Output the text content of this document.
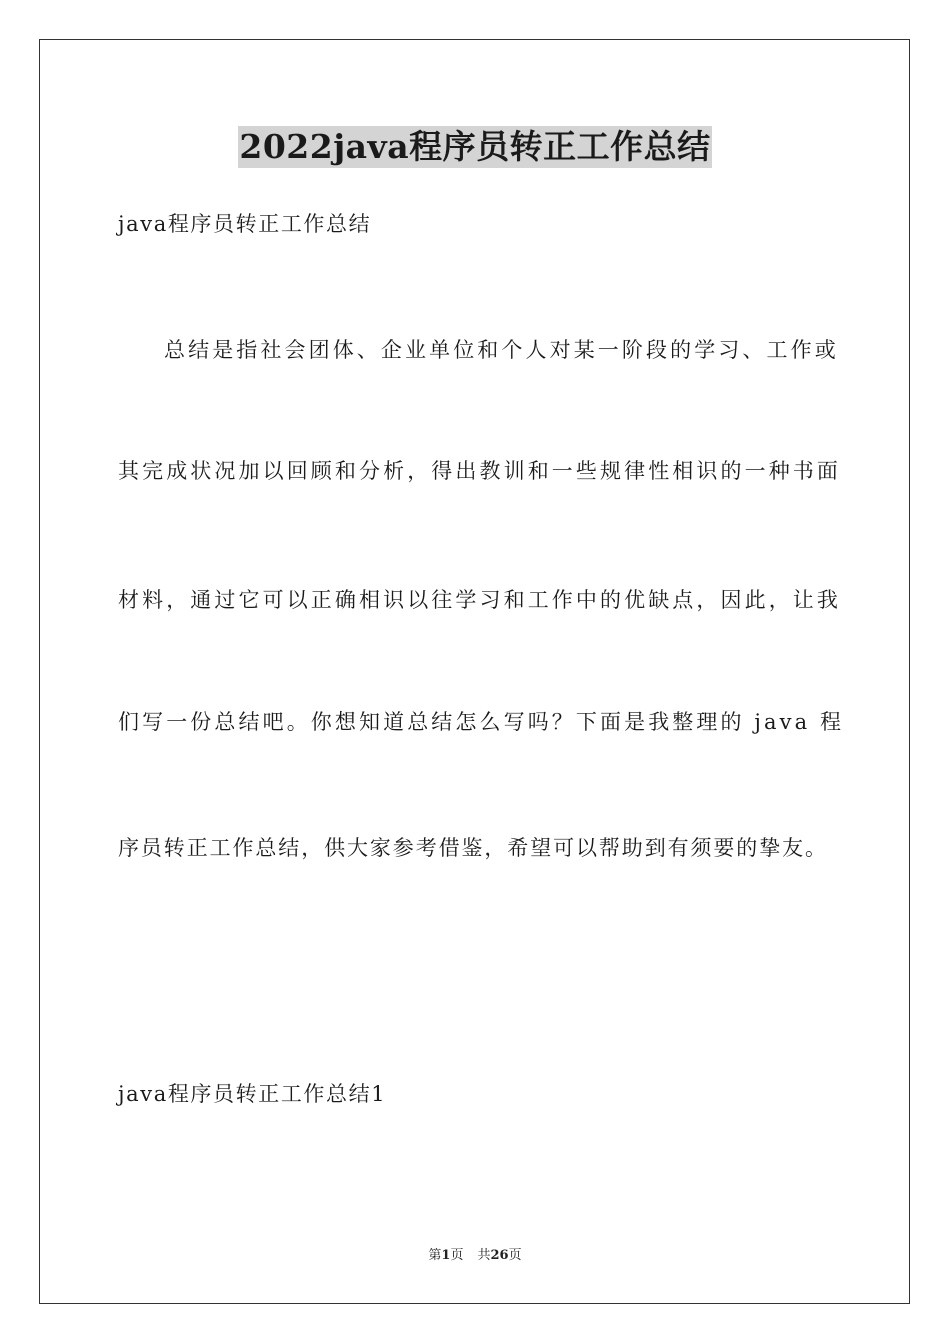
2022java程序员转正工作总结
java程序员转正工作总结
总结是指社会团体、企业单位和个人对某一阶段的学习、工作或
其完成状况加以回顾和分析，得出教训和一些规律性相识的一种书面
材料，通过它可以正确相识以往学习和工作中的优缺点，因此，让我
们写一份总结吧。你想知道总结怎么写吗？下面是我整理的 java 程
序员转正工作总结，供大家参考借鉴，希望可以帮助到有须要的挚友。
java程序员转正工作总结1
第1页 共26页
